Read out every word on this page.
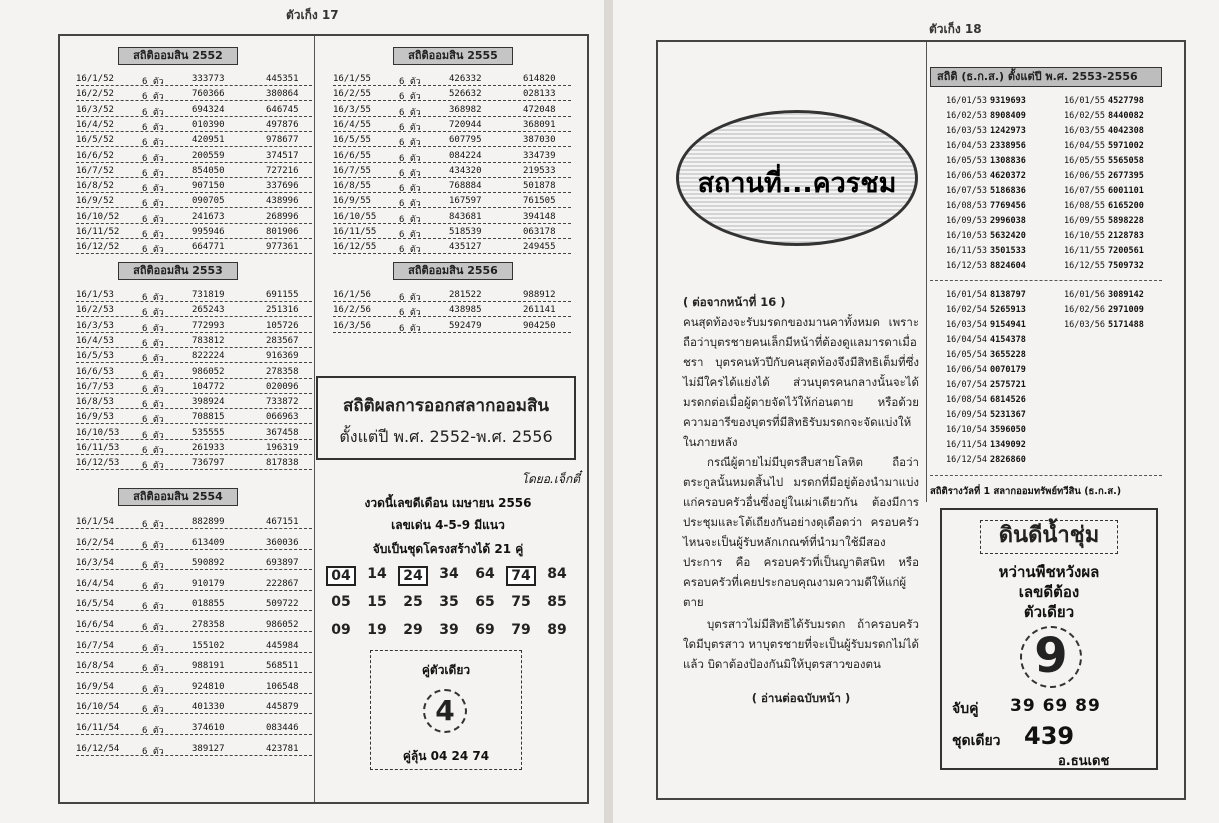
ตัวเก็ง 17
ตัวเก็ง 18
สถิติออมสิน 2552
16/1/52	6 ตัว	333773	445351
16/2/52	6 ตัว	760366	380864
16/3/52	6 ตัว	694324	646745
16/4/52	6 ตัว	010390	497876
16/5/52	6 ตัว	420951	978677
16/6/52	6 ตัว	200559	374517
16/7/52	6 ตัว	854050	727216
16/8/52	6 ตัว	907150	337696
16/9/52	6 ตัว	090705	438996
16/10/52	6 ตัว	241673	268996
16/11/52	6 ตัว	995946	801906
16/12/52	6 ตัว	664771	977361
สถิติออมสิน 2553
16/1/53	6 ตัว	731819	691155
16/2/53	6 ตัว	265243	251316
16/3/53	6 ตัว	772993	105726
16/4/53	6 ตัว	783812	283567
16/5/53	6 ตัว	822224	916369
16/6/53	6 ตัว	986052	278358
16/7/53	6 ตัว	104772	020096
16/8/53	6 ตัว	398924	733872
16/9/53	6 ตัว	708815	066963
16/10/53	6 ตัว	535555	367458
16/11/53	6 ตัว	261933	196319
16/12/53	6 ตัว	736797	817838
สถิติออมสิน 2554
16/1/54	6 ตัว	882899	467151
16/2/54	6 ตัว	613409	360036
16/3/54	6 ตัว	590892	693897
16/4/54	6 ตัว	910179	222867
16/5/54	6 ตัว	018855	509722
16/6/54	6 ตัว	278358	986052
16/7/54	6 ตัว	155102	445984
16/8/54	6 ตัว	988191	568511
16/9/54	6 ตัว	924810	106548
16/10/54	6 ตัว	401330	445879
16/11/54	6 ตัว	374610	083446
16/12/54	6 ตัว	389127	423781
สถิติออมสิน 2555
16/1/55	6 ตัว	426332	614820
16/2/55	6 ตัว	526632	028133
16/3/55	6 ตัว	368982	472048
16/4/55	6 ตัว	720944	368091
16/5/55	6 ตัว	607795	387030
16/6/55	6 ตัว	084224	334739
16/7/55	6 ตัว	434320	219533
16/8/55	6 ตัว	768884	501878
16/9/55	6 ตัว	167597	761505
16/10/55	6 ตัว	843681	394148
16/11/55	6 ตัว	518539	063178
16/12/55	6 ตัว	435127	249455
สถิติออมสิน 2556
16/1/56	6 ตัว	281522	988912
16/2/56	6 ตัว	438985	261141
16/3/56	6 ตัว	592479	904250
สถิติผลการออกสลากออมสิน
ตั้งแต่ปี พ.ศ. 2552-พ.ศ. 2556
โดยอ.เจ็กตี๋
งวดนี้เลขดีเดือน เมษายน 2556
เลขเด่น 4-5-9 มีแนว
จับเป็นชุดโครงสร้างได้ 21 คู่
04	14	24	34	64	74	84
05	15	25	35	65	75	85
09	19	29	39	69	79	89
คู่ตัวเดียว
4
คู่ลุ้น 04 24 74
สถานที่...ควรชม
( ต่อจากหน้าที่ 16 )
คนสุดท้องจะรับมรดกของมานคาทั้งหมด เพราะถือว่าบุตรชายคนเล็กมีหน้าที่ต้องดูแลมารดาเมื่อชรา บุตรคนหัวปีกับคนสุดท้องจึงมีสิทธิเต็มที่ซึ่งไม่มีใครได้แย่งได้ ส่วนบุตรคนกลางนั้นจะได้มรดกต่อเมื่อผู้ตายจัดไว้ให้ก่อนตาย หรือด้วยความอารีของบุตรที่มีสิทธิรับมรดกจะจัดแบ่งให้ในภายหลัง
กรณีผู้ตายไม่มีบุตรสืบสายโลหิต ถือว่าตระกูลนั้นหมดสิ้นไป มรดกที่มีอยู่ต้องนำมาแบ่งแก่ครอบครัวอื่นซึ่งอยู่ในเผ่าเดียวกัน ต้องมีการประชุมและโต้เถียงกันอย่างดุเดือดว่า ครอบครัวไหนจะเป็นผู้รับหลักเกณฑ์ที่นำมาใช้มีสองประการ คือ ครอบครัวที่เป็นญาติสนิท หรือครอบครัวที่เคยประกอบคุณงามความดีให้แก่ผู้ตาย
บุตรสาวไม่มีสิทธิได้รับมรดก ถ้าครอบครัวใดมีบุตรสาว หาบุตรชายที่จะเป็นผู้รับมรดกไม่ได้แล้ว บิดาต้องป้องกันมิให้บุตรสาวของตน
( อ่านต่อฉบับหน้า )
สถิติ (ธ.ก.ส.) ตั้งแต่ปี พ.ศ. 2553-2556
16/01/53 9319693	16/01/55 4527798
16/02/53 8908409	16/02/55 8440082
16/03/53 1242973	16/03/55 4042308
16/04/53 2338956	16/04/55 5971002
16/05/53 1308836	16/05/55 5565058
16/06/53 4620372	16/06/55 2677395
16/07/53 5186836	16/07/55 6001101
16/08/53 7769456	16/08/55 6165200
16/09/53 2996038	16/09/55 5898228
16/10/53 5632420	16/10/55 2128783
16/11/53 3501533	16/11/55 7200561
16/12/53 8824604	16/12/55 7509732
16/01/54 8138797	16/01/56 3089142
16/02/54 5265913	16/02/56 2971009
16/03/54 9154941	16/03/56 5171488
16/04/54 4154378
16/05/54 3655228
16/06/54 0070179
16/07/54 2575721
16/08/54 6814526
16/09/54 5231367
16/10/54 3596050
16/11/54 1349092
16/12/54 2826860
สถิติรางวัลที่ 1 สลากออมทรัพย์ทวีสิน (ธ.ก.ส.)
ดินดีน้ำชุ่ม
หว่านพืชหวังผล
เลขดีต้อง
ตัวเดียว
9
จับคู่ 39 69 89
ชุดเดียว 439
อ.ธนเดช
